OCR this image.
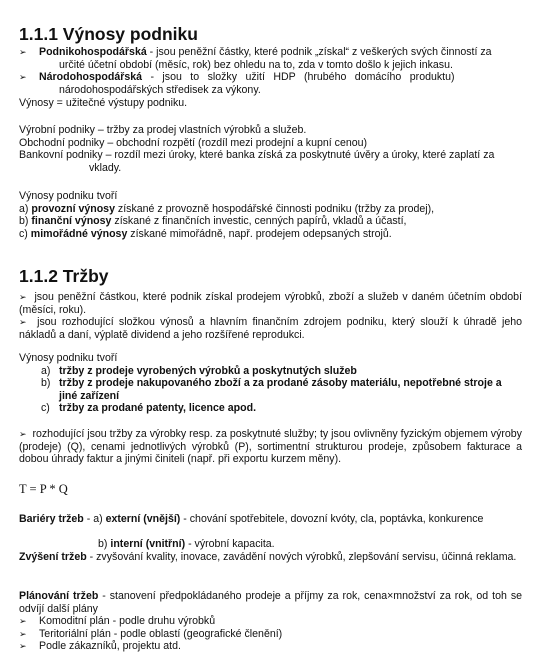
1.1.1 Výnosy podniku
➢	Podnikohospodářská - jsou peněžní částky, které podnik „získal“ z veškerých svých činností za
určité účetní období (měsíc, rok) bez ohledu na to, zda v tomto došlo k jejich inkasu.
➢	Národohospodářská - jsou to složky užití HDP (hrubého domácího produktu)
národohospodářských středisek za výkony.
Výnosy = užitečné výstupy podniku.
Výrobní podniky – tržby za prodej vlastních výrobků a služeb.
Obchodní podniky – obchodní rozpětí (rozdíl mezi prodejní a kupní cenou)
Bankovní podniky – rozdíl mezi úroky, které banka získá za poskytnuté úvěry a úroky, které zaplatí za
vklady.
Výnosy podniku tvoří
a) provozní výnosy získané z provozně hospodářské činnosti podniku (tržby za prodej),
b) finanční výnosy získané z finančních investic, cenných papírů, vkladů a účastí,
c) mimořádné výnosy získané mimořádně, např. prodejem odepsaných strojů.
1.1.2 Tržby
➢ jsou peněžní částkou, které podnik získal prodejem výrobků, zboží a služeb v daném účetním období (měsíci, roku).
➢ jsou rozhodující složkou výnosů a hlavním finančním zdrojem podniku, který slouží k úhradě jeho nákladů a daní, výplatě dividend a jeho rozšířené reprodukci.
Výnosy podniku tvoří
a) tržby z prodeje vyrobených výrobků a poskytnutých služeb
b) tržby z prodeje nakupovaného zboží a za prodané zásoby materiálu, nepotřebné stroje a jiné zařízení
c) tržby za prodané patenty, licence apod.
➢ rozhodující jsou tržby za výrobky resp. za poskytnuté služby; ty jsou ovlivněny fyzickým objemem výroby (prodeje) (Q), cenami jednotlivých výrobků (P), sortimentní strukturou prodeje, způsobem fakturace a dobou úhrady faktur a jinými činiteli (např. při exportu kurzem měny).
T = P * Q
Bariéry tržeb - a) externí (vnější) - chování spotřebitele, dovozní kvóty, cla, poptávka, konkurence
b) interní (vnitřní) - výrobní kapacita.
Zvýšení tržeb - zvyšování kvality, inovace, zavádění nových výrobků, zlepšování servisu, účinná reklama.
Plánování tržeb - stanovení předpokládaného prodeje a příjmy za rok, cena×množství za rok, od toh se odvíjí další plány
➢	Komoditní plán - podle druhu výrobků
➢	Teritoriální plán - podle oblastí (geografické členění)
➢	Podle zákazníků, projektu atd.
